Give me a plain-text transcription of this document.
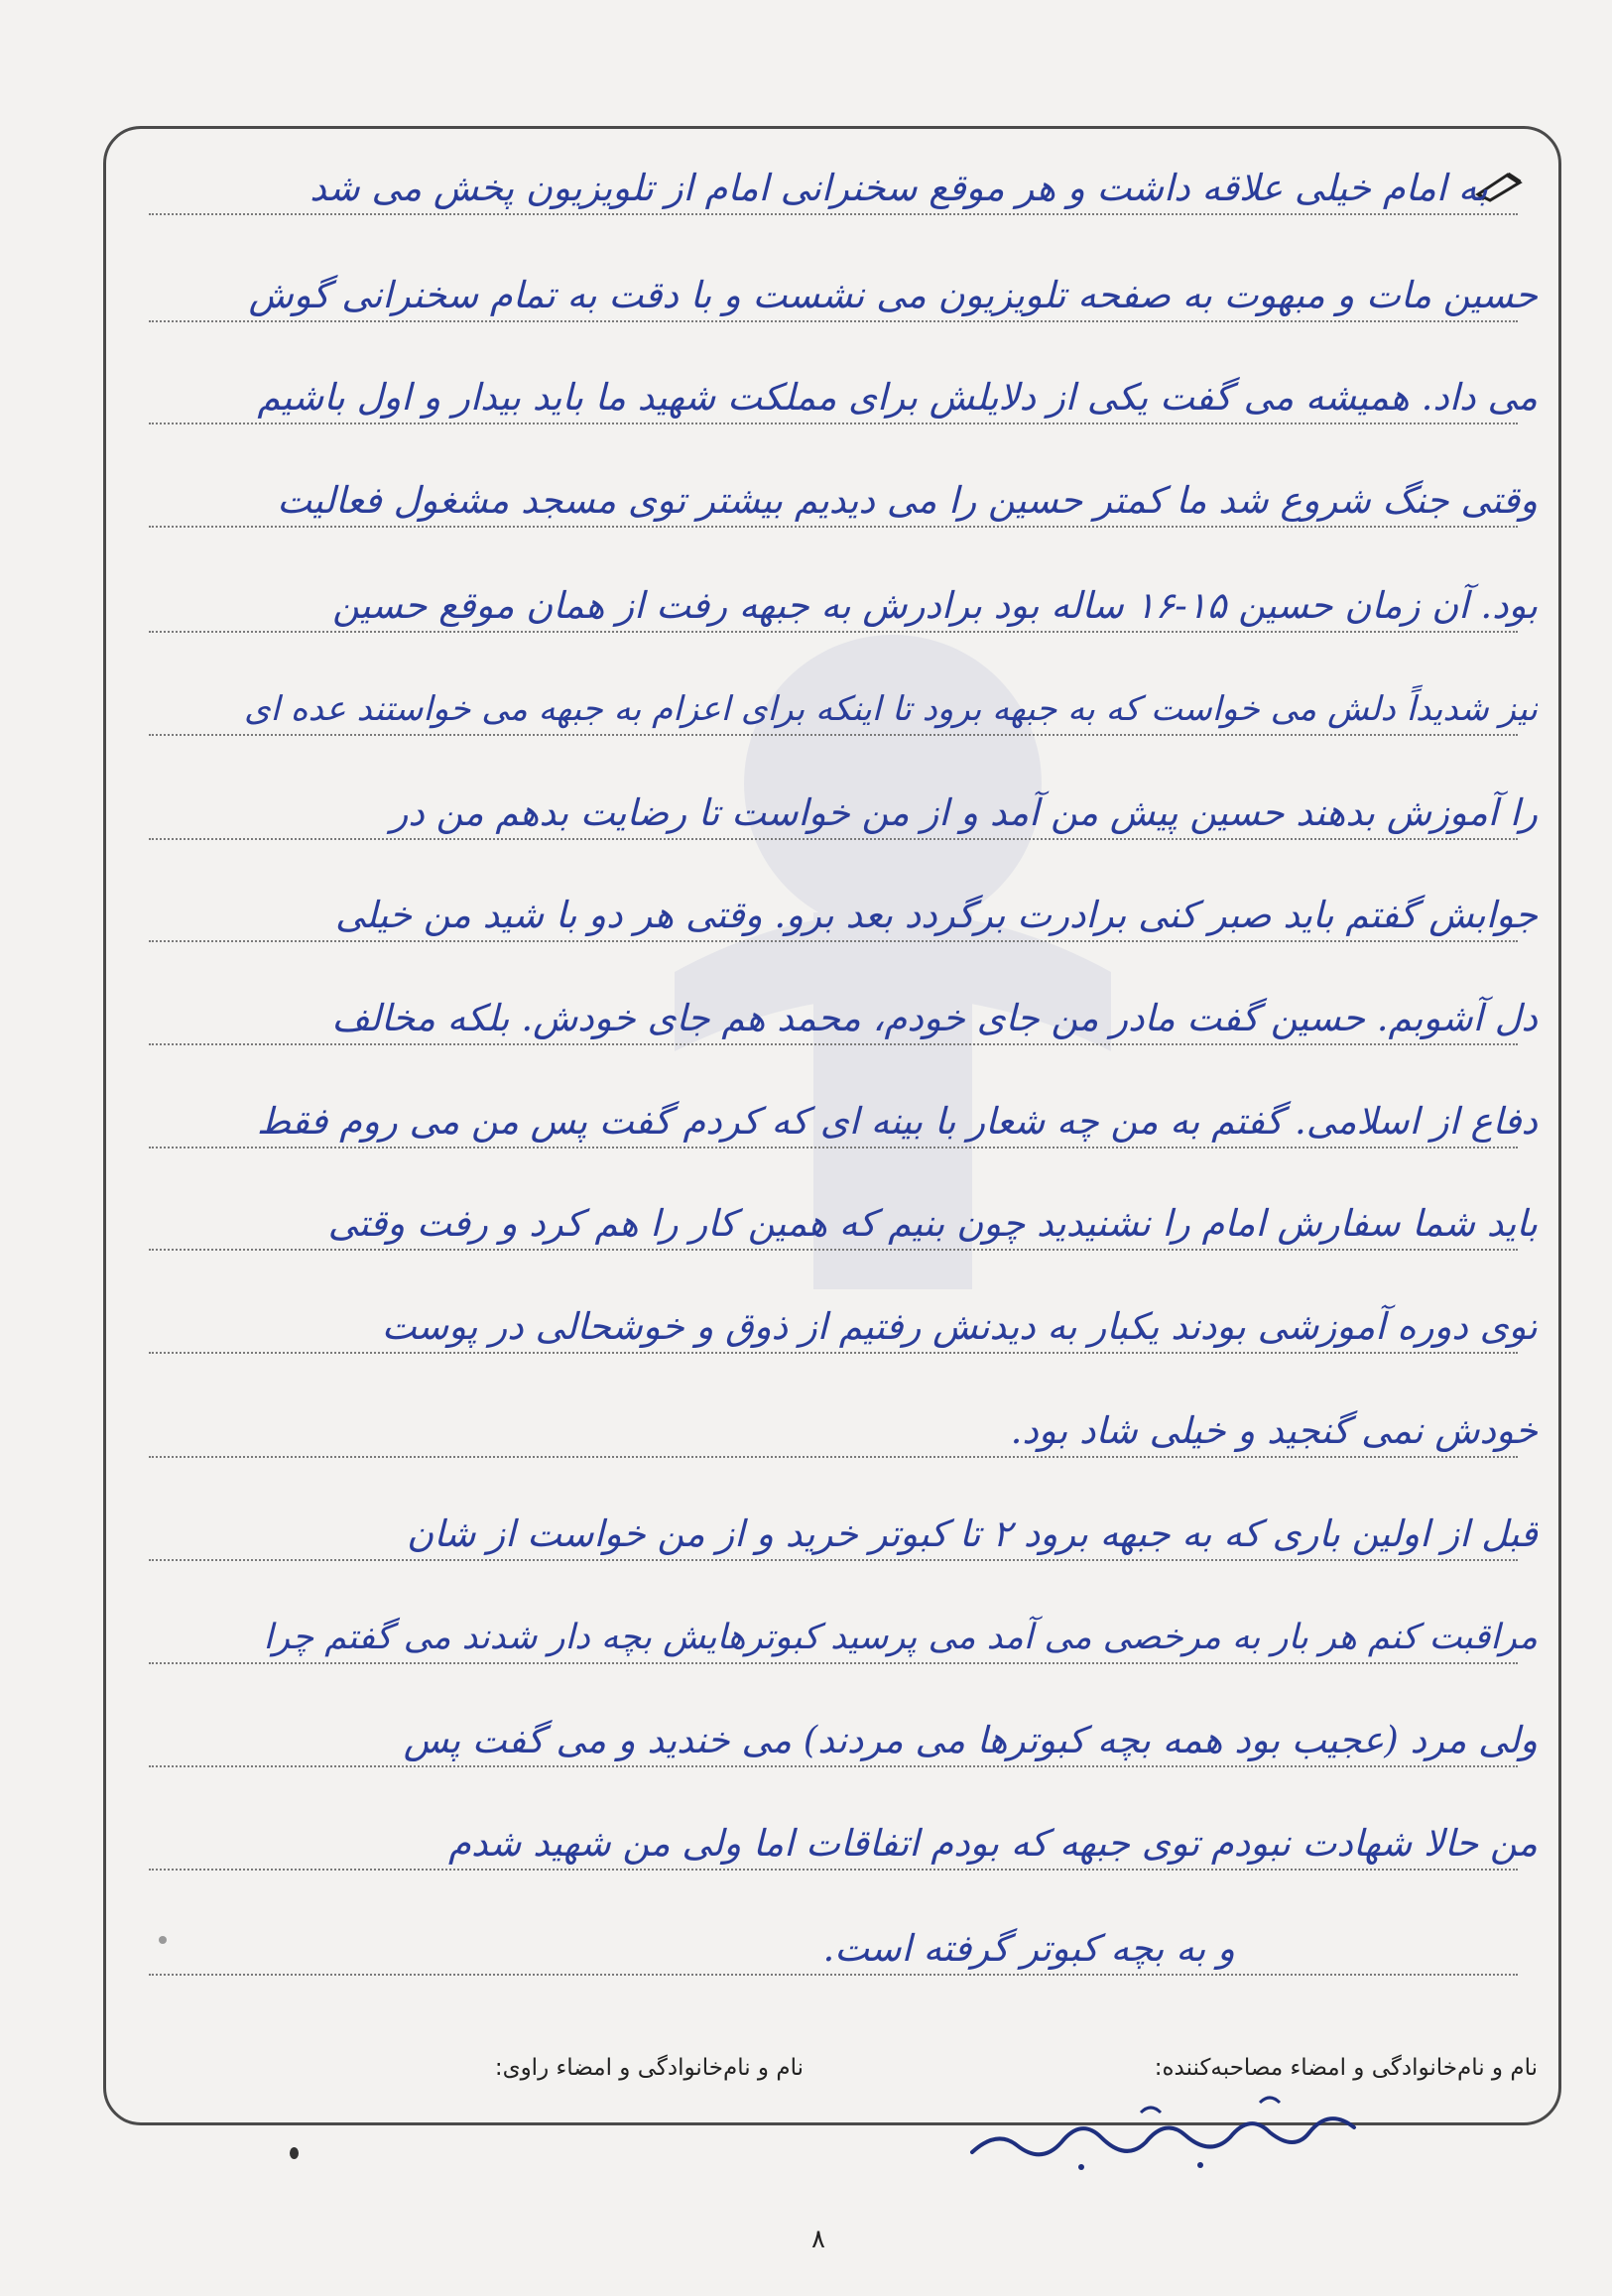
به امام خیلی علاقه داشت و هر موقع سخنرانی امام از تلویزیون پخش می شد
حسین مات و مبهوت به صفحه تلویزیون می نشست و با دقت به تمام سخنرانی گوش
می داد. همیشه می گفت یکی از دلایلش برای مملکت شهید ما باید بیدار و اول باشیم
وقتی جنگ شروع شد ما کمتر حسین را می دیدیم بیشتر توی مسجد مشغول فعالیت
بود. آن زمان حسین ۱۵-۱۶ ساله بود برادرش به جبهه رفت از همان موقع حسین
نیز شدیداً دلش می خواست که به جبهه برود تا اینکه برای اعزام به جبهه می خواستند عده ای
را آموزش بدهند حسین پیش من آمد و از من خواست تا رضایت بدهم من در
جوابش گفتم باید صبر کنی برادرت برگردد بعد برو. وقتی هر دو با شید من خیلی
دل آشوبم. حسین گفت مادر من جای خودم، محمد هم جای خودش. بلکه مخالف
دفاع از اسلامی. گفتم به من چه شعار با بینه ای که کردم گفت پس من می روم فقط
باید شما سفارش امام را نشنیدید چون بنیم که همین کار را هم کرد و رفت وقتی
توی دوره آموزشی بودند یکبار به دیدنش رفتیم از ذوق و خوشحالی در پوست
خودش نمی گنجید و خیلی شاد بود.
قبل از اولین باری که به جبهه برود ۲ تا کبوتر خرید و از من خواست از شان
مراقبت کنم هر بار به مرخصی می آمد می پرسید کبوترهایش بچه دار شدند می گفتم چرا
ولی مرد (عجیب بود همه بچه کبوترها می مردند) می خندید و می گفت پس
من حالا شهادت نبودم توی جبهه که بودم اتفاقات اما ولی من شهید شدم
و به بچه کبوتر گرفته است.
نام و نام‌خانوادگی و امضاء مصاحبه‌کننده:
نام و نام‌خانوادگی و امضاء راوی:
۸
